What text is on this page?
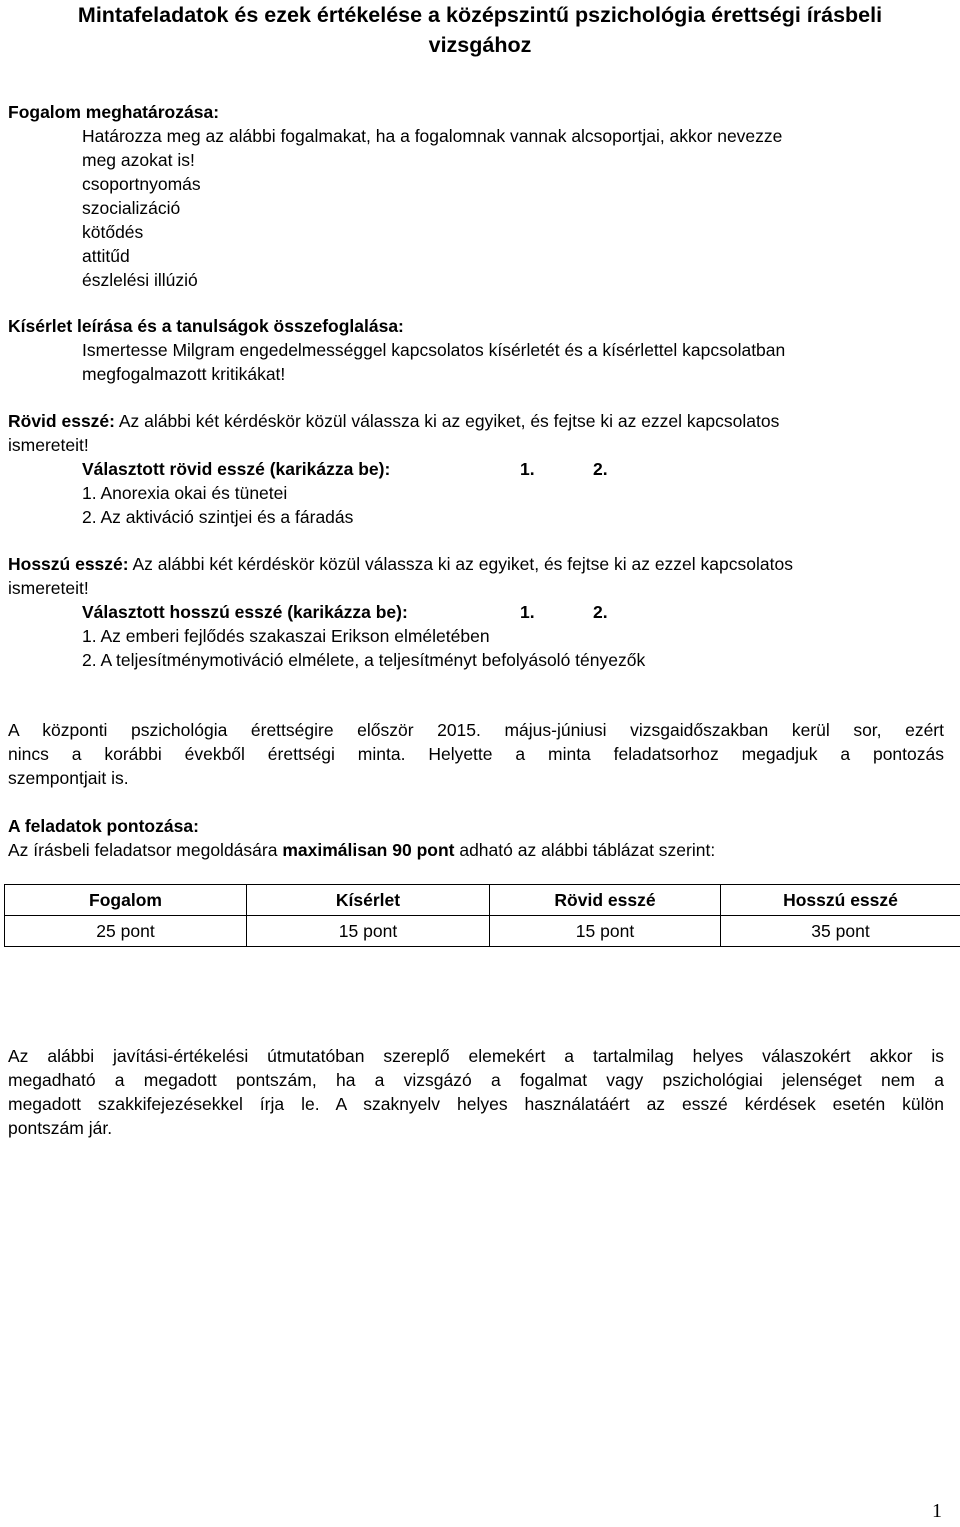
Mintafeladatok és ezek értékelése a középszintű pszichológia érettségi írásbeli
vizsgához
Fogalom meghatározása:
Határozza meg az alábbi fogalmakat, ha a fogalomnak vannak alcsoportjai, akkor nevezze
meg azokat is!
csoportnyomás
szocializáció
kötődés
attitűd
észlelési illúzió
Kísérlet leírása és a tanulságok összefoglalása:
Ismertesse Milgram engedelmességgel kapcsolatos kísérletét és a kísérlettel kapcsolatban
megfogalmazott kritikákat!
Rövid esszé: Az alábbi két kérdéskör közül válassza ki az egyiket, és fejtse ki az ezzel kapcsolatos
ismereteit!
Választott rövid esszé (karikázza be):	1.	2.
1. Anorexia okai és tünetei
2. Az aktiváció szintjei és a fáradás
Hosszú esszé: Az alábbi két kérdéskör közül válassza ki az egyiket, és fejtse ki az ezzel kapcsolatos
ismereteit!
Választott hosszú esszé (karikázza be):	1.	2.
1. Az emberi fejlődés szakaszai Erikson elméletében
2. A teljesítménymotiváció elmélete, a teljesítményt befolyásoló tényezők
A központi pszichológia érettségire először 2015. május-júniusi vizsgaidőszakban kerül sor, ezért
nincs a korábbi évekből érettségi minta. Helyette a minta feladatsorhoz megadjuk a pontozás
szempontjait is.
A feladatok pontozása:
Az írásbeli feladatsor megoldására maximálisan 90 pont adható az alábbi táblázat szerint:
Fogalom	Kísérlet	Rövid esszé	Hosszú esszé
25 pont	15 pont	15 pont	35 pont
Az alábbi javítási-értékelési útmutatóban szereplő elemekért a tartalmilag helyes válaszokért akkor is
megadható a megadott pontszám, ha a vizsgázó a fogalmat vagy pszichológiai jelenséget nem a
megadott szakkifejezésekkel írja le. A szaknyelv helyes használatáért az esszé kérdések esetén külön
pontszám jár.
1
